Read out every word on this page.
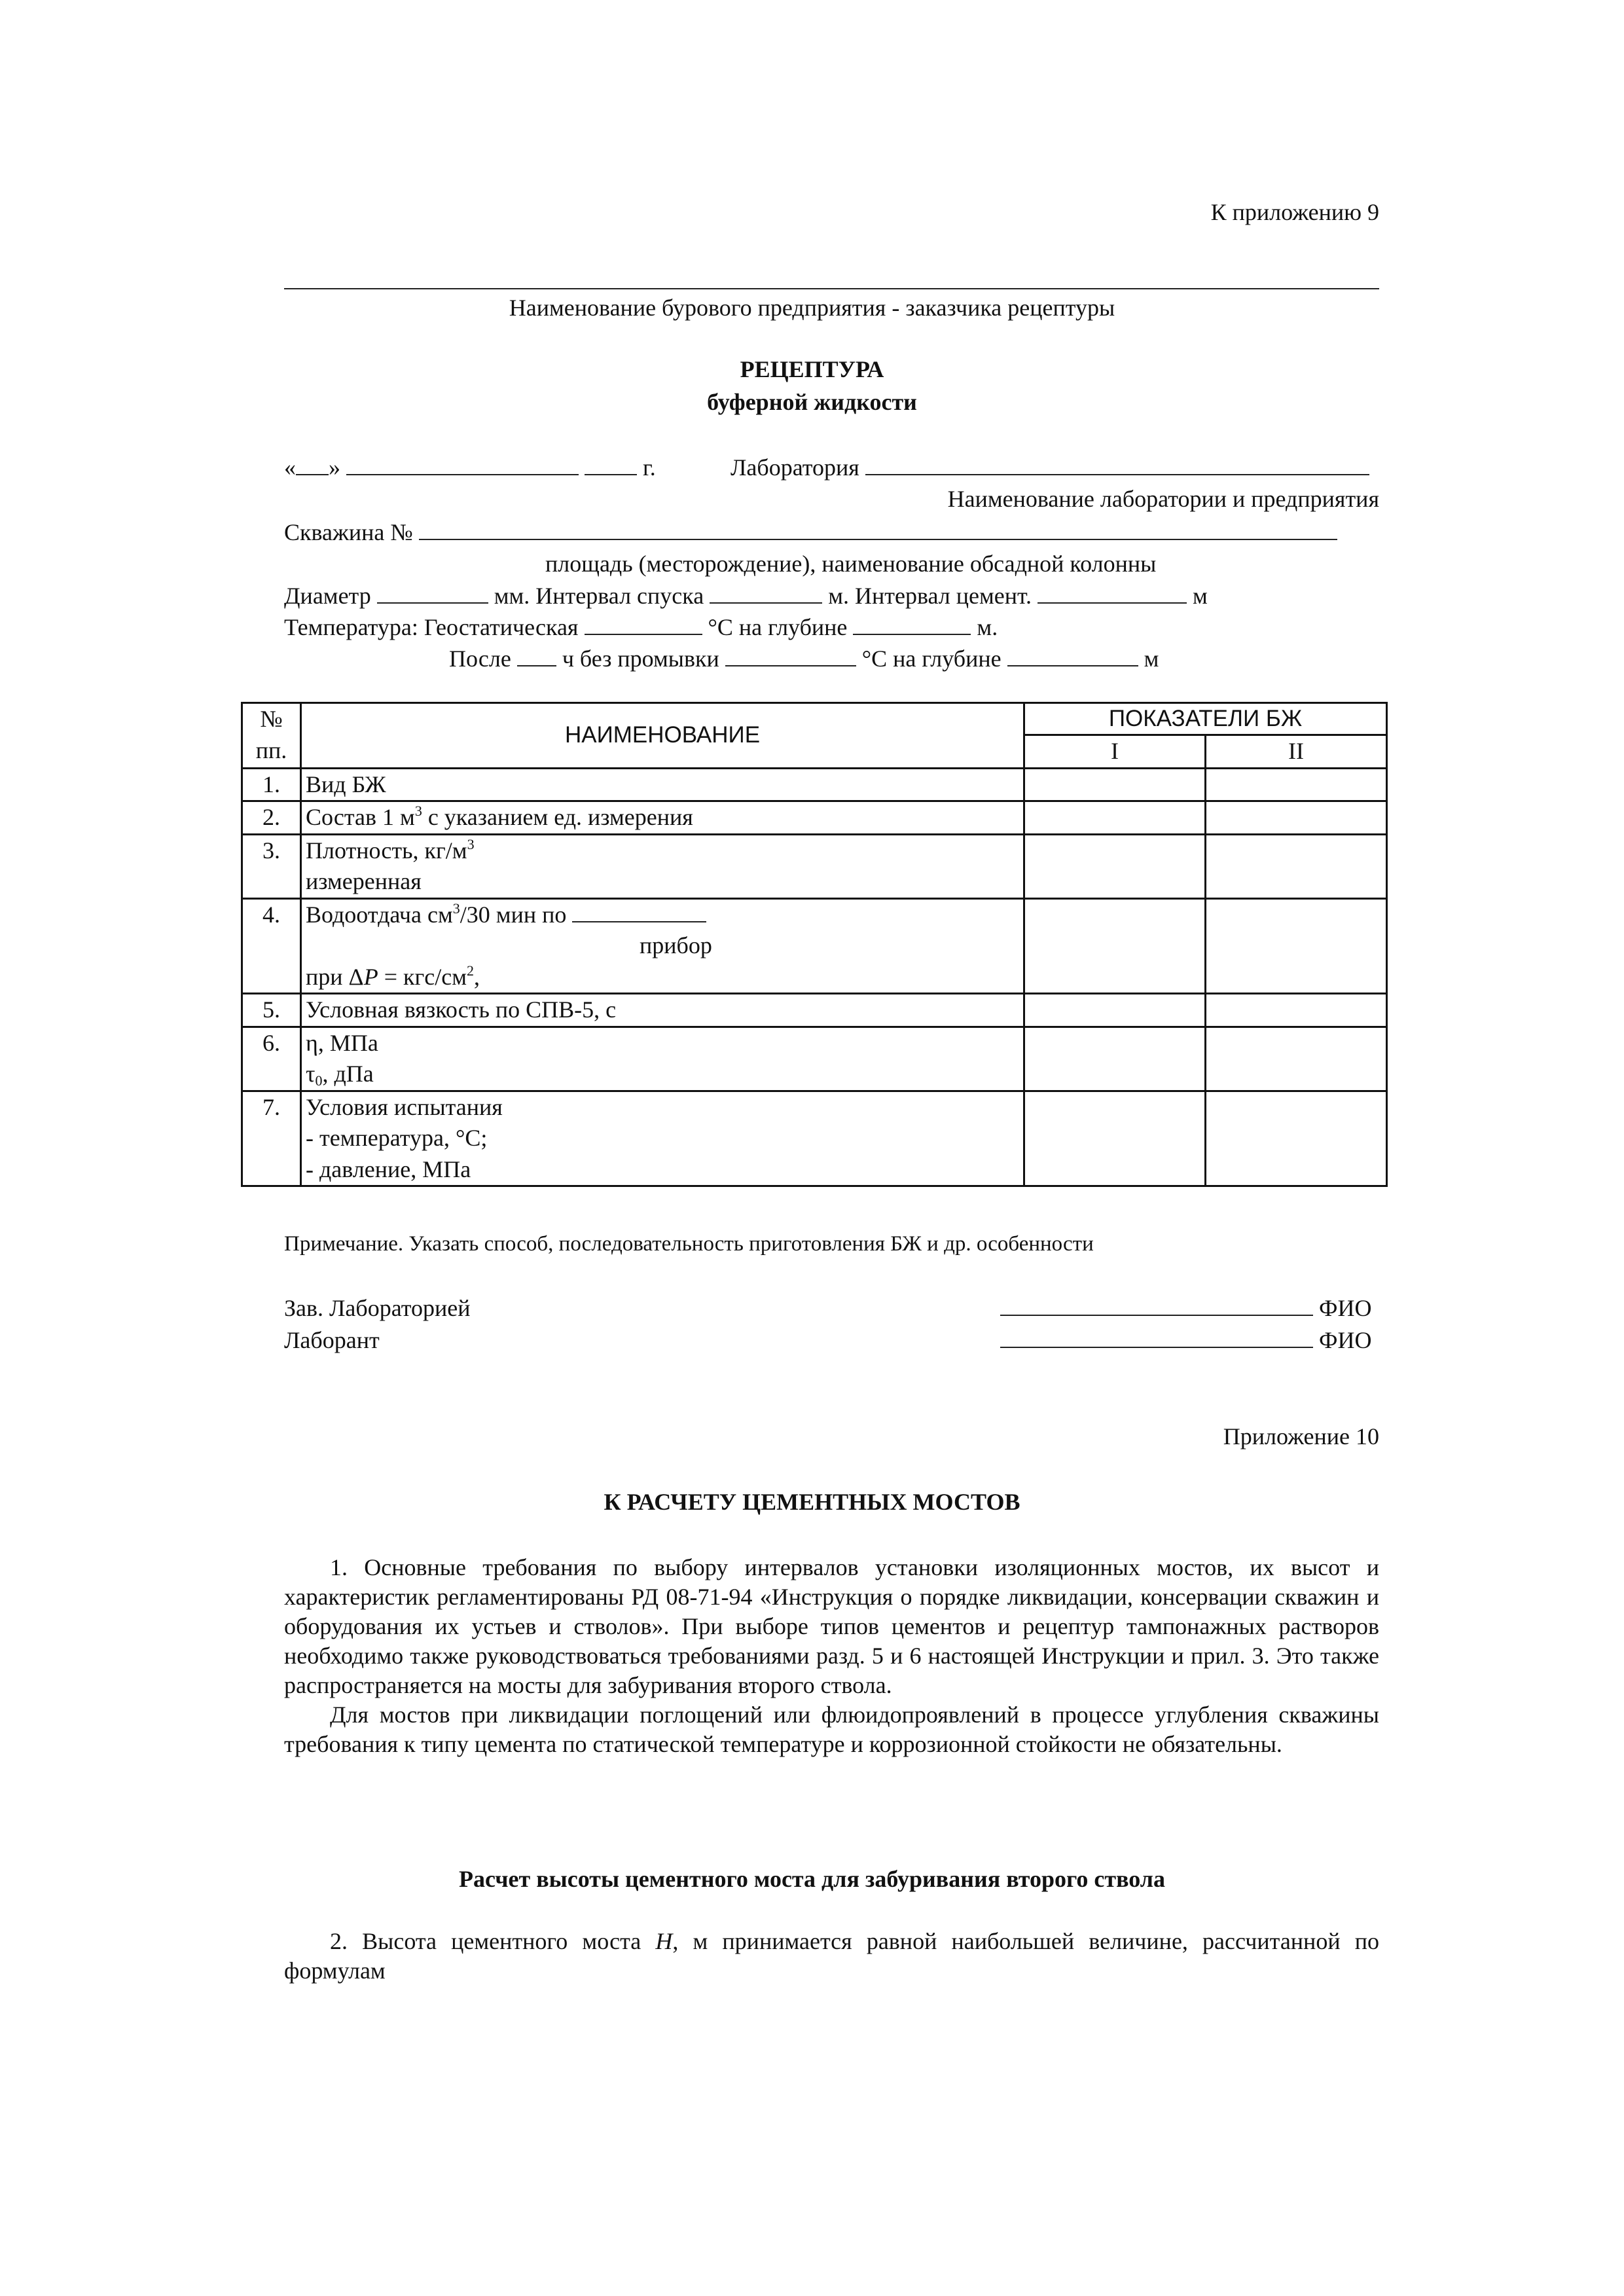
К приложению 9
Наименование бурового предприятия - заказчика рецептуры
РЕЦЕПТУРА
буферной жидкости
« »	г.	Лаборатория
Наименование лаборатории и предприятия
Скважина №
площадь (месторождение), наименование обсадной колонны
Диаметр	мм. Интервал спуска	м. Интервал цемент.	м
Температура: Геостатическая	°С на глубине	м.
После ч без промывки	°С на глубине	м
№
пп.	НАИМЕНОВАНИЕ	ПОКАЗАТЕЛИ БЖ	
		I	II
1.	Вид БЖ		
2.	Состав 1 $м^3$ с указанием ед. измерения		
3.	Плотность, $кг/м^3$
измеренная		
4.	Водоотдача $см^3/30$ мин по
прибор
при ΔP = кгс/$см^2$,		
5.	Условная вязкость по СПВ-5, с		
6.	η, МПа
$\tau_0$, дПа		
7.	Условия испытания
- температура, °С;
- давление, МПа		
Примечание. Указать способ, последовательность приготовления БЖ и др. особенности
Зав. Лабораторией	ФИО
Лаборант	ФИО
Приложение 10
К РАСЧЕТУ ЦЕМЕНТНЫХ МОСТОВ

1. Основные требования по выбору интервалов установки изоляционных мостов, их высот и характеристик регламентированы РД 08-71-94 «Инструкция о порядке ликвидации, консервации скважин и оборудования их устьев и стволов». При выборе типов цементов и рецептур тампонажных растворов необходимо также руководствоваться требованиями разд. 5 и 6 настоящей Инструкции и прил. 3. Это также распространяется на мосты для забуривания второго ствола.

Для мостов при ликвидации поглощений или флюидопроявлений в процессе углубления скважины требования к типу цемента по статической температуре и коррозионной стойкости не обязательны.

Расчет высоты цементного моста для забуривания второго ствола

2. Высота цементного моста H, м принимается равной наибольшей величине, рассчитанной по формулам
